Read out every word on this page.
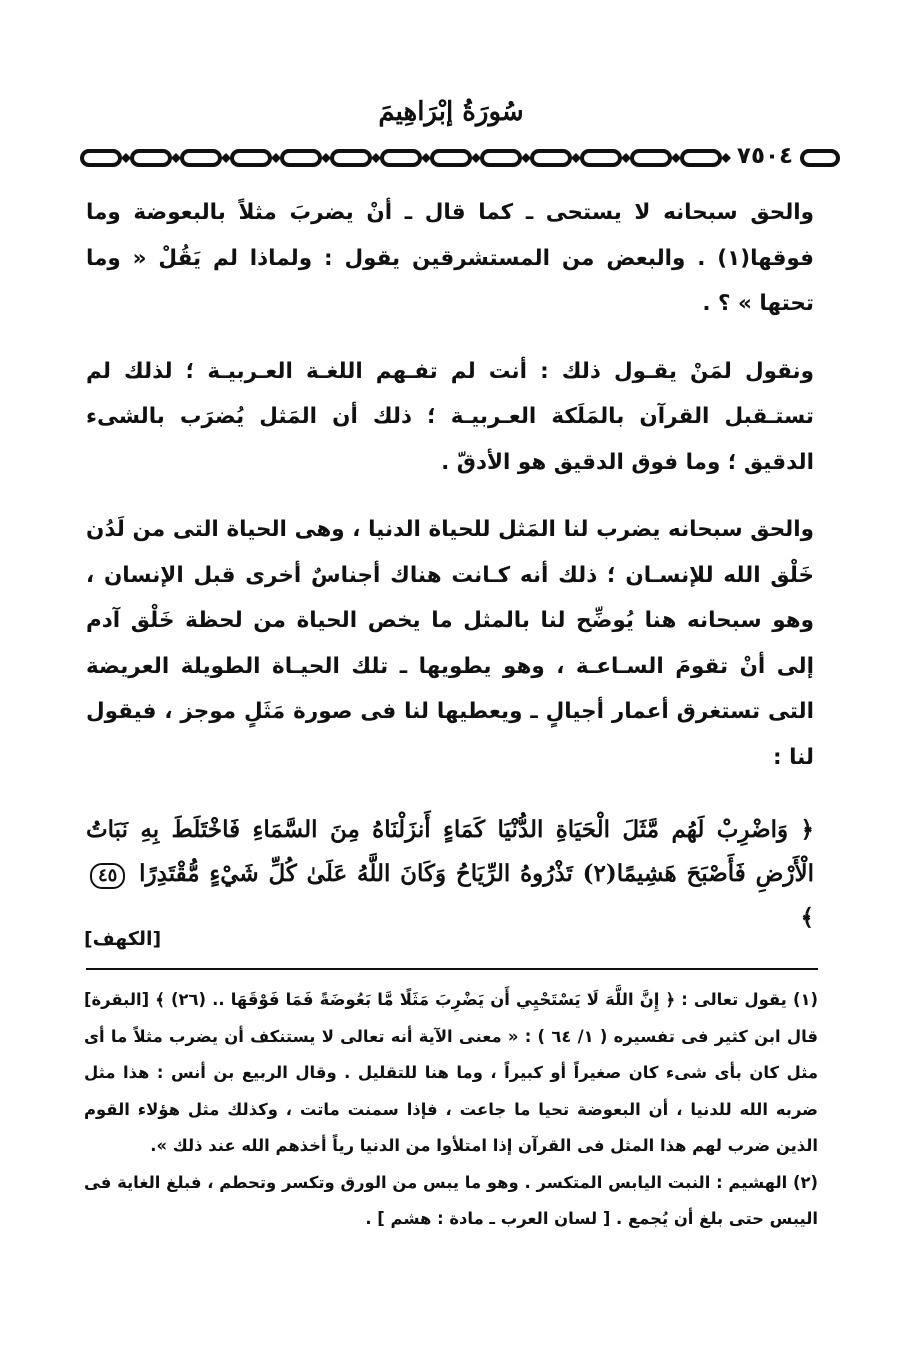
سُورَةُ إبْرَاهِيمَ
٧٥٠٤

والحق سبحانه لا يستحى ـ كما قال ـ أنْ يضربَ مثلاً بالبعوضة وما فوقها(١) . والبعض من المستشرقين يقول : ولماذا لم يَقُلْ « وما تحتها » ؟ .

ونقول لمَنْ يقـول ذلك : أنت لم تفـهم اللغـة العـربيـة ؛ لذلك لم تستـقبل القرآن بالمَلَكة العـربيـة ؛ ذلك أن المَثل يُضرَب بالشىء الدقيق ؛ وما فوق الدقيق هو الأدقّ .

والحق سبحانه يضرب لنا المَثل للحياة الدنيا ، وهى الحياة التى من لَدُن خَلْق الله للإنسـان ؛ ذلك أنه كـانت هناك أجناسٌ أخرى قبل الإنسان ، وهو سبحانه هنا يُوضِّح لنا بالمثل ما يخص الحياة من لحظة خَلْق آدم إلى أنْ تقومَ السـاعـة ، وهو يطويها ـ تلك الحيـاة الطويلة العريضة التى تستغرق أعمار أجيالٍ ـ ويعطيها لنا فى صورة مَثَلٍ موجز ، فيقول لنا :

﴿ وَاضْرِبْ لَهُم مَّثَلَ الْحَيَاةِ الدُّنْيَا كَمَاءٍ أَنزَلْنَاهُ مِنَ السَّمَاءِ فَاخْتَلَطَ بِهِ نَبَاتُ الْأَرْضِ فَأَصْبَحَ هَشِيمًا(٢) تَذْرُوهُ الرِّيَاحُ وَكَانَ اللَّهُ عَلَىٰ كُلِّ شَيْءٍ مُّقْتَدِرًا ٤٥ ﴾
[الكهف]

(١) يقول تعالى : ﴿ إِنَّ اللَّهَ لَا يَسْتَحْيِي أَن يَضْرِبَ مَثَلًا مَّا بَعُوضَةً فَمَا فَوْقَهَا .. (٢٦) ﴾ [البقرة] قال ابن كثير فى تفسيره ( ١/ ٦٤ ) : « معنى الآية أنه تعالى لا يستنكف أن يضرب مثلاً ما أى مثل كان بأى شىء كان صغيراً أو كبيراً ، وما هنا للتقليل . وقال الربيع بن أنس : هذا مثل ضربه الله للدنيا ، أن البعوضة تحيا ما جاعت ، فإذا سمنت ماتت ، وكذلك مثل هؤلاء القوم الذين ضرب لهم هذا المثل فى القرآن إذا امتلأوا من الدنيا رياً أخذهم الله عند ذلك ».

(٢) الهشيم : النبت اليابس المتكسر . وهو ما يبس من الورق وتكسر وتحطم ، فبلغ الغاية فى اليبس حتى بلغ أن يُجمع . [ لسان العرب ـ مادة : هشم ] .
